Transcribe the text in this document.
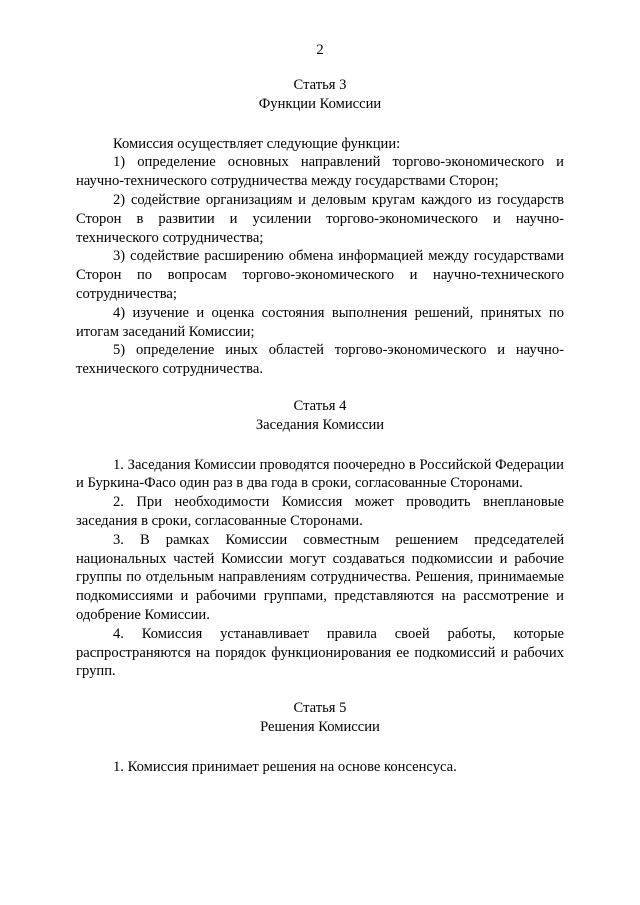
2

Статья 3

Функции Комиссии

Комиссия осуществляет следующие функции:

1) определение основных направлений торгово-экономического и научно-технического сотрудничества между государствами Сторон;

2) содействие организациям и деловым кругам каждого из государств Сторон в развитии и усилении торгово-экономического и научно-технического сотрудничества;

3) содействие расширению обмена информацией между государствами Сторон по вопросам торгово-экономического и научно-технического сотрудничества;

4) изучение и оценка состояния выполнения решений, принятых по итогам заседаний Комиссии;

5) определение иных областей торгово-экономического и научно-технического сотрудничества.

Статья 4

Заседания Комиссии

1. Заседания Комиссии проводятся поочередно в Российской Федерации и Буркина-Фасо один раз в два года в сроки, согласованные Сторонами.

2. При необходимости Комиссия может проводить внеплановые заседания в сроки, согласованные Сторонами.

3. В рамках Комиссии совместным решением председателей национальных частей Комиссии могут создаваться подкомиссии и рабочие группы по отдельным направлениям сотрудничества. Решения, принимаемые подкомиссиями и рабочими группами, представляются на рассмотрение и одобрение Комиссии.

4. Комиссия устанавливает правила своей работы, которые распространяются на порядок функционирования ее подкомиссий и рабочих групп.

Статья 5

Решения Комиссии

1. Комиссия принимает решения на основе консенсуса.
